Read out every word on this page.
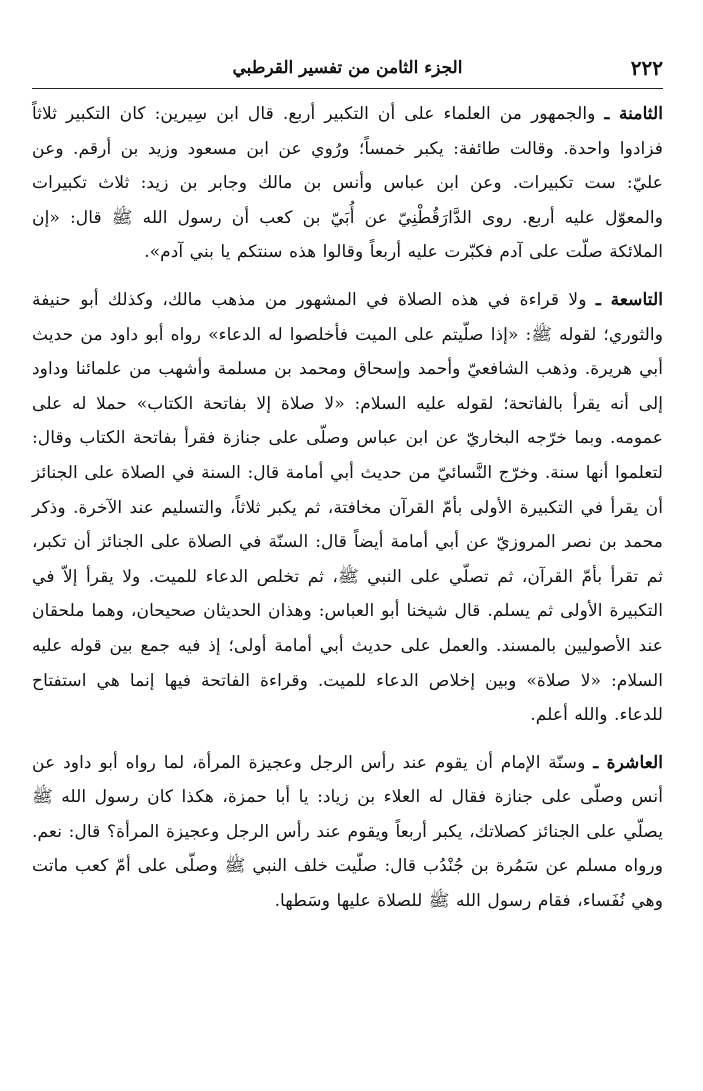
٢٢٢
الجزء الثامن من تفسير القرطبي

الثامنة ـ والجمهور من العلماء على أن التكبير أربع. قال ابن سِيرين: كان التكبير ثلاثاً فزادوا واحدة. وقالت طائفة: يكبر خمساً؛ ورُوي عن ابن مسعود وزيد بن أرقم. وعن عليّ: ست تكبيرات. وعن ابن عباس وأنس بن مالك وجابر بن زيد: ثلاث تكبيرات والمعوّل عليه أربع. روى الدَّارَقُطْنِيّ عن أُبَيّ بن كعب أن رسول الله ﷺ قال: «إن الملائكة صلّت على آدم فكبّرت عليه أربعاً وقالوا هذه سنتكم يا بني آدم».

التاسعة ـ ولا قراءة في هذه الصلاة في المشهور من مذهب مالك، وكذلك أبو حنيفة والثوري؛ لقوله ﷺ: «إذا صلّيتم على الميت فأخلصوا له الدعاء» رواه أبو داود من حديث أبي هريرة. وذهب الشافعيّ وأحمد وإسحاق ومحمد بن مسلمة وأشهب من علمائنا وداود إلى أنه يقرأ بالفاتحة؛ لقوله عليه السلام: «لا صلاة إلا بفاتحة الكتاب» حملا له على عمومه. وبما خرّجه البخاريّ عن ابن عباس وصلّى على جنازة فقرأ بفاتحة الكتاب وقال: لتعلموا أنها سنة. وخرّج النَّسائيّ من حديث أبي أمامة قال: السنة في الصلاة على الجنائز أن يقرأ في التكبيرة الأولى بأمّ القرآن مخافتة، ثم يكبر ثلاثاً، والتسليم عند الآخرة. وذكر محمد بن نصر المروزيّ عن أبي أمامة أيضاً قال: السنّة في الصلاة على الجنائز أن تكبر، ثم تقرأ بأمّ القرآن، ثم تصلّي على النبي ﷺ، ثم تخلص الدعاء للميت. ولا يقرأ إلاّ في التكبيرة الأولى ثم يسلم. قال شيخنا أبو العباس: وهذان الحديثان صحيحان، وهما ملحقان عند الأصوليين بالمسند. والعمل على حديث أبي أمامة أولى؛ إذ فيه جمع بين قوله عليه السلام: «لا صلاة» وبين إخلاص الدعاء للميت. وقراءة الفاتحة فيها إنما هي استفتاح للدعاء. والله أعلم.

العاشرة ـ وسنّة الإمام أن يقوم عند رأس الرجل وعجيزة المرأة، لما رواه أبو داود عن أنس وصلّى على جنازة فقال له العلاء بن زياد: يا أبا حمزة، هكذا كان رسول الله ﷺ يصلّي على الجنائز كصلاتك، يكبر أربعاً ويقوم عند رأس الرجل وعجيزة المرأة؟ قال: نعم. ورواه مسلم عن سَمُرة بن جُنْدُب قال: صلّيت خلف النبي ﷺ وصلّى على أمّ كعب ماتت وهي نُفَساء، فقام رسول الله ﷺ للصلاة عليها وسَطها.
